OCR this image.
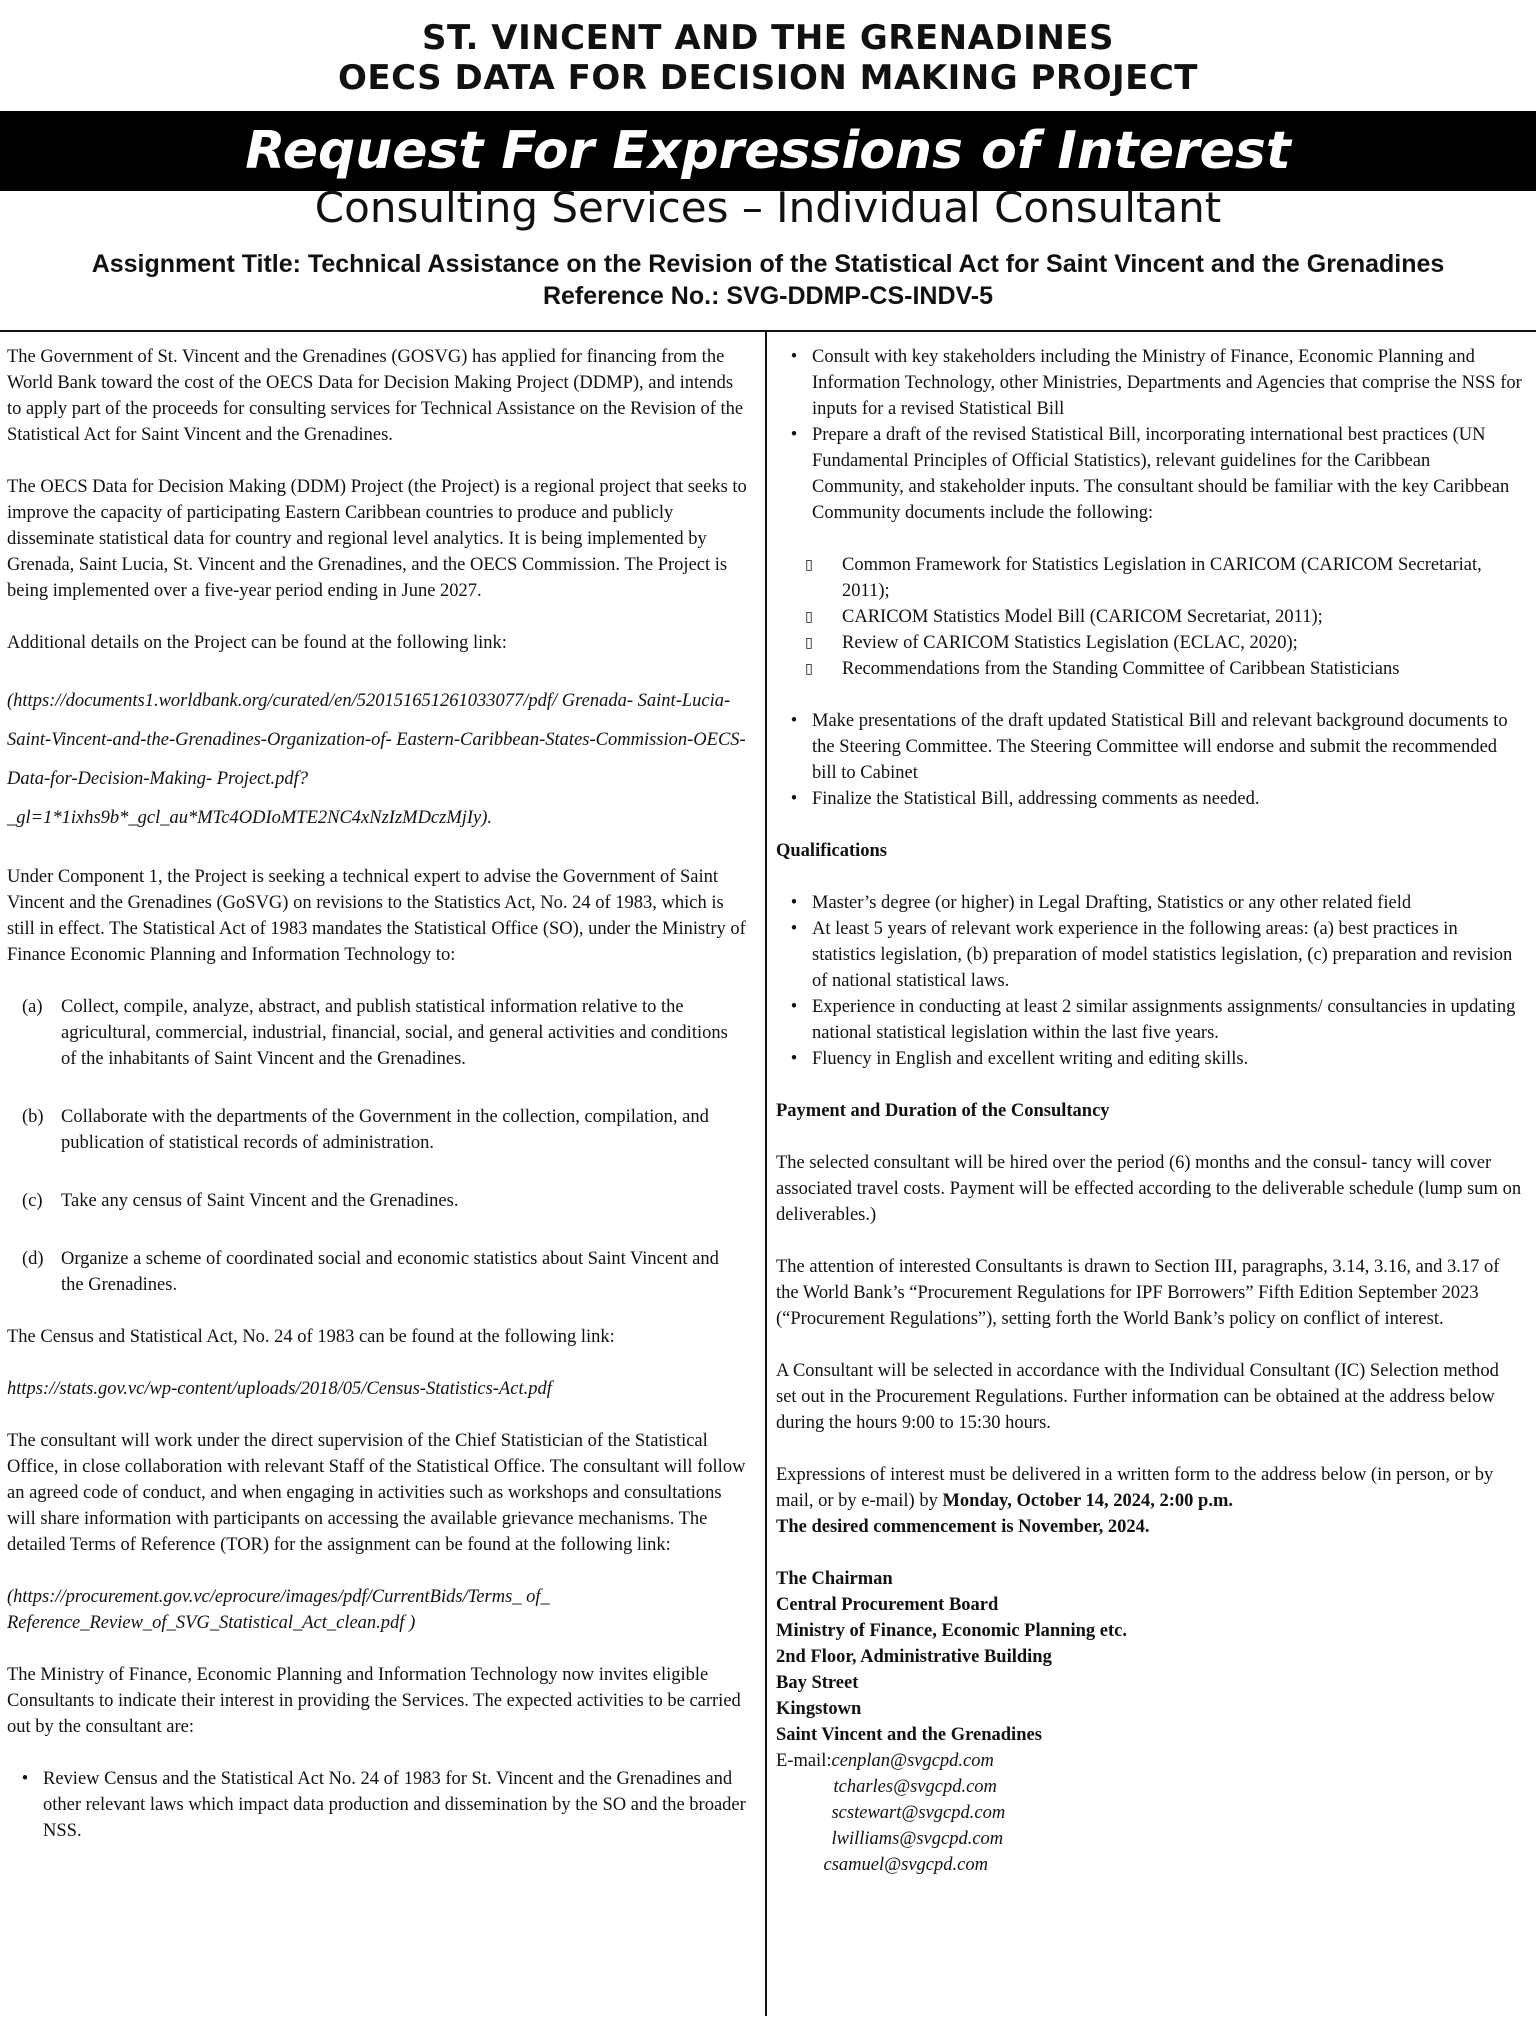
ST. VINCENT AND THE GRENADINES
OECS DATA FOR DECISION MAKING PROJECT
Request For Expressions of Interest
Consulting Services – Individual Consultant
Assignment Title: Technical Assistance on the Revision of the Statistical Act for Saint Vincent and the Grenadines
Reference No.: SVG-DDMP-CS-INDV-5

The Government of St. Vincent and the Grenadines (GOSVG) has applied for financing from the World Bank toward the cost of the OECS Data for Decision Making Project (DDMP), and intends to apply part of the proceeds for consulting services for Technical Assistance on the Revision of the Statistical Act for Saint Vincent and the Grenadines.

The OECS Data for Decision Making (DDM) Project (the Project) is a regional project that seeks to improve the capacity of participating Eastern Caribbean countries to produce and publicly disseminate statistical data for country and regional level analytics. It is being implemented by Grenada, Saint Lucia, St. Vincent and the Grenadines, and the OECS Commission. The Project is being implemented over a five-year period ending in June 2027.

Additional details on the Project can be found at the following link:

(https://documents1.worldbank.org/curated/en/520151651261033077/pdf/ Grenada- Saint-Lucia-Saint-Vincent-and-the-Grenadines-Organization-of- Eastern-Caribbean-States-Commission-OECS-Data-for-Decision-Making- Project.pdf?_gl=1*1ixhs9b*_gcl_au*MTc4ODIoMTE2NC4xNzIzMDczMjIy).

Under Component 1, the Project is seeking a technical expert to advise the Government of Saint Vincent and the Grenadines (GoSVG) on revisions to the Statistics Act, No. 24 of 1983, which is still in effect. The Statistical Act of 1983 mandates the Statistical Office (SO), under the Ministry of Finance Economic Planning and Information Technology to:

(a) Collect, compile, analyze, abstract, and publish statistical information relative to the agricultural, commercial, industrial, financial, social, and general activities and conditions of the inhabitants of Saint Vincent and the Grenadines.
(b) Collaborate with the departments of the Government in the collection, compilation, and publication of statistical records of administration.
(c) Take any census of Saint Vincent and the Grenadines.
(d) Organize a scheme of coordinated social and economic statistics about Saint Vincent and the Grenadines.

The Census and Statistical Act, No. 24 of 1983 can be found at the following link:

https://stats.gov.vc/wp-content/uploads/2018/05/Census-Statistics-Act.pdf

The consultant will work under the direct supervision of the Chief Statistician of the Statistical Office, in close collaboration with relevant Staff of the Statistical Office. The consultant will follow an agreed code of conduct, and when engaging in activities such as workshops and consultations will share information with participants on accessing the available grievance mechanisms. The detailed Terms of Reference (TOR) for the assignment can be found at the following link:

(https://procurement.gov.vc/eprocure/images/pdf/CurrentBids/Terms_ of_ Reference_Review_of_SVG_Statistical_Act_clean.pdf )

The Ministry of Finance, Economic Planning and Information Technology now invites eligible Consultants to indicate their interest in providing the Services. The expected activities to be carried out by the consultant are:

• Review Census and the Statistical Act No. 24 of 1983 for St. Vincent and the Grenadines and other relevant laws which impact data production and dissemination by the SO and the broader NSS.
• Consult with key stakeholders including the Ministry of Finance, Economic Planning and Information Technology, other Ministries, Departments and Agencies that comprise the NSS for inputs for a revised Statistical Bill
• Prepare a draft of the revised Statistical Bill, incorporating international best practices (UN Fundamental Principles of Official Statistics), relevant guidelines for the Caribbean Community, and stakeholder inputs. The consultant should be familiar with the key Caribbean Community documents include the following:
▯	Common Framework for Statistics Legislation in CARICOM (CARICOM Secretariat, 2011);
▯	CARICOM Statistics Model Bill (CARICOM Secretariat, 2011);
▯	Review of CARICOM Statistics Legislation (ECLAC, 2020);
▯	Recommendations from the Standing Committee of Caribbean Statisticians
• Make presentations of the draft updated Statistical Bill and relevant background documents to the Steering Committee. The Steering Committee will endorse and submit the recommended bill to Cabinet
• Finalize the Statistical Bill, addressing comments as needed.
Qualifications
• Master’s degree (or higher) in Legal Drafting, Statistics or any other related field
• At least 5 years of relevant work experience in the following areas: (a) best practices in statistics legislation, (b) preparation of model statistics legislation, (c) preparation and revision of national statistical laws.
• Experience in conducting at least 2 similar assignments assignments/ consultancies in updating national statistical legislation within the last five years.
• Fluency in English and excellent writing and editing skills.
Payment and Duration of the Consultancy

The selected consultant will be hired over the period (6) months and the consul- tancy will cover associated travel costs. Payment will be effected according to the deliverable schedule (lump sum on deliverables.)

The attention of interested Consultants is drawn to Section III, paragraphs, 3.14, 3.16, and 3.17 of the World Bank’s “Procurement Regulations for IPF Borrowers” Fifth Edition September 2023 (“Procurement Regulations”), setting forth the World Bank’s policy on conflict of interest.

A Consultant will be selected in accordance with the Individual Consultant (IC) Selection method set out in the Procurement Regulations. Further information can be obtained at the address below during the hours 9:00 to 15:30 hours.

Expressions of interest must be delivered in a written form to the address below (in person, or by mail, or by e-mail) by Monday, October 14, 2024, 2:00 p.m.
The desired commencement is November, 2024.

The Chairman
Central Procurement Board
Ministry of Finance, Economic Planning etc.
2nd Floor, Administrative Building
Bay Street
Kingstown
Saint Vincent and the Grenadines
E-mail: cenplan@svgcpd.com
tcharles@svgcpd.com
scstewart@svgcpd.com
lwilliams@svgcpd.com
csamuel@svgcpd.com
